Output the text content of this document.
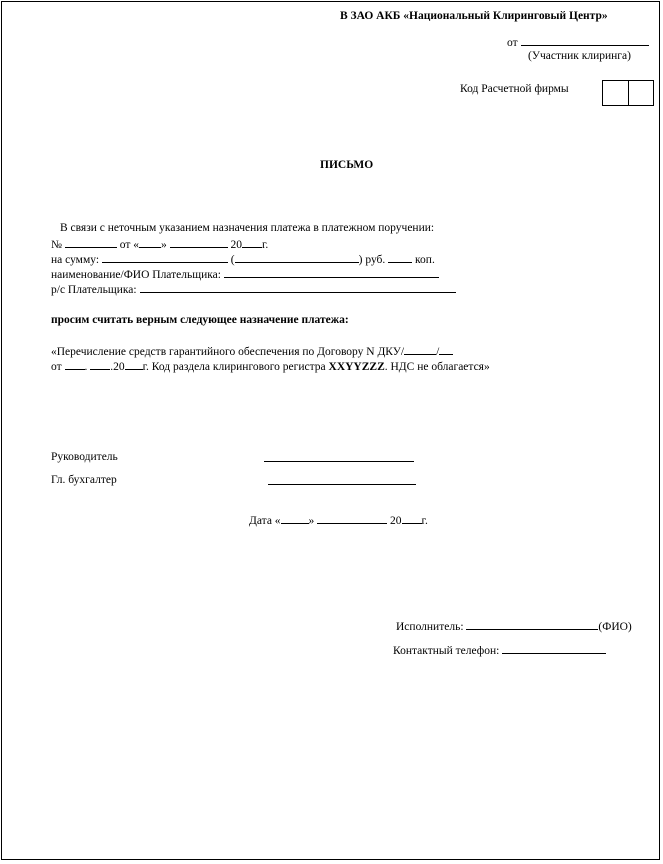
В ЗАО АКБ «Национальный Клиринговый Центр»
от
(Участник клиринга)
Код Расчетной фирмы
ПИСЬМО
В связи с неточным указанием назначения платежа в платежном поручении:
№	от « »	20 г.
на сумму:	(	) руб.	коп.
наименование/ФИО Плательщика:
р/с Плательщика:
просим считать верным следующее назначение платежа:
«Перечисление средств гарантийного обеспечения по Договору N ДКУ/	/
от . .20 г. Код раздела клирингового регистра XXYYZZZ. НДС не облагается»
Руководитель
Гл. бухгалтер
Дата « »	20 г.
Исполнитель:	(ФИО)
Контактный телефон:
